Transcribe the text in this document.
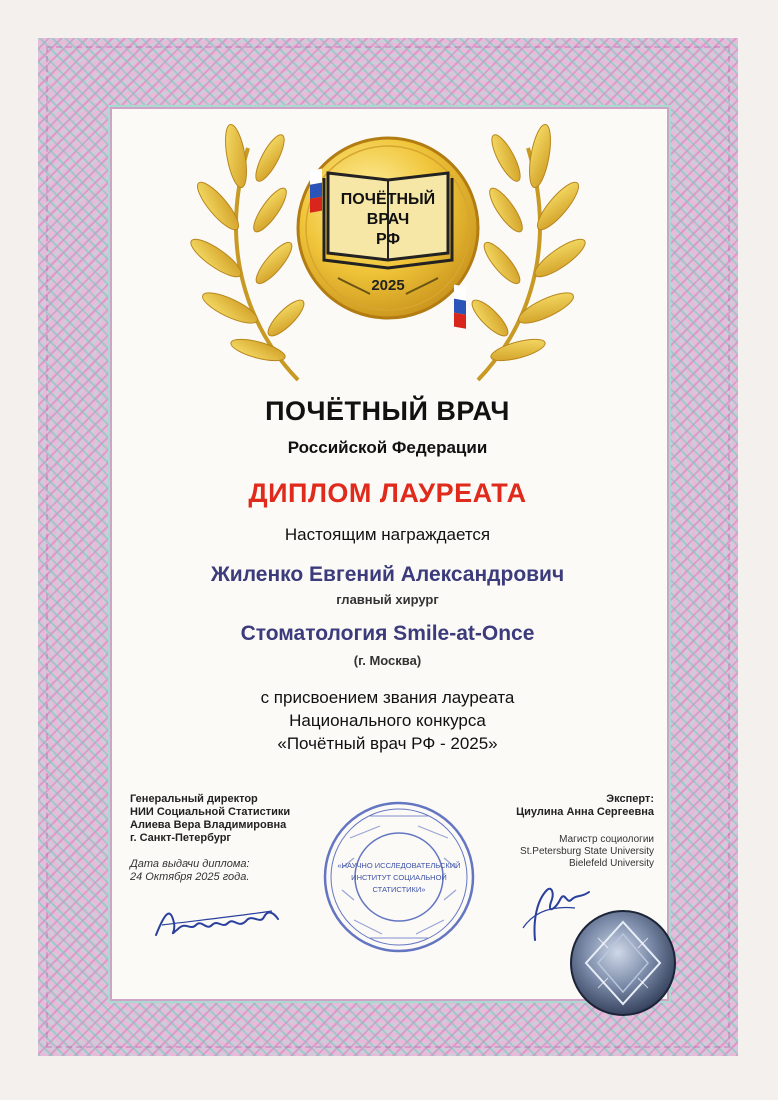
ПОЧЁТНЫЙ
ВРАЧ
РФ
2025
ПОЧЁТНЫЙ ВРАЧ
Российской Федерации
ДИПЛОМ ЛАУРЕАТА
Настоящим награждается
Жиленко Евгений Александрович
главный хирург
Стоматология Smile-at-Once
(г. Москва)
с присвоением звания лауреата
Национального конкурса
«Почётный врач РФ - 2025»
Генеральный директор
НИИ Социальной Статистики
Алиева Вера Владимировна
г. Санкт-Петербург
Дата выдачи диплома:
24 Октября 2025 года.
Эксперт:
Циулина Анна Сергеевна
Магистр социологии
St.Petersburg State University
Bielefeld University
«НАУЧНО ИССЛЕДОВАТЕЛЬСКИЙ
ИНСТИТУТ СОЦИАЛЬНОЙ
СТАТИСТИКИ»
